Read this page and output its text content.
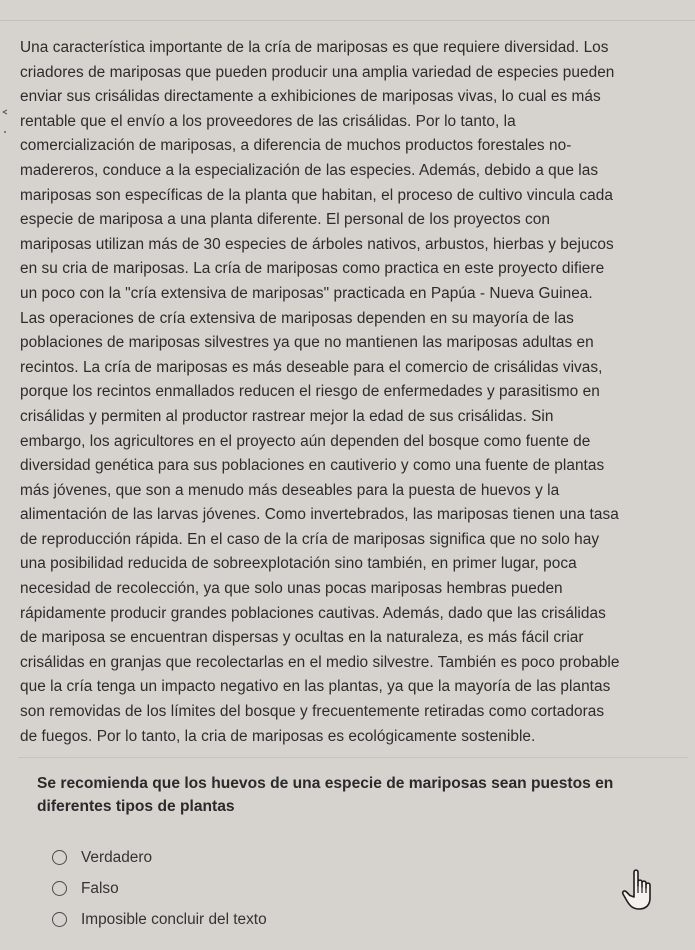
Una característica importante de la cría de mariposas es que requiere diversidad. Los

criadores de mariposas que pueden producir una amplia variedad de especies pueden

enviar sus crisálidas directamente a exhibiciones de mariposas vivas, lo cual es más

rentable que el envío a los proveedores de las crisálidas. Por lo tanto, la

comercialización de mariposas, a diferencia de muchos productos forestales no-

madereros, conduce a la especialización de las especies. Además, debido a que las

mariposas son específicas de la planta que habitan, el proceso de cultivo vincula cada

especie de mariposa a una planta diferente. El personal de los proyectos con

mariposas utilizan más de 30 especies de árboles nativos, arbustos, hierbas y bejucos

en su cria de mariposas. La cría de mariposas como practica en este proyecto difiere

un poco con la "cría extensiva de mariposas" practicada en Papúa - Nueva Guinea.

Las operaciones de cría extensiva de mariposas dependen en su mayoría de las

poblaciones de mariposas silvestres ya que no mantienen las mariposas adultas en

recintos. La cría de mariposas es más deseable para el comercio de crisálidas vivas,

porque los recintos enmallados reducen el riesgo de enfermedades y parasitismo en

crisálidas y permiten al productor rastrear mejor la edad de sus crisálidas. Sin

embargo, los agricultores en el proyecto aún dependen del bosque como fuente de

diversidad genética para sus poblaciones en cautiverio y como una fuente de plantas

más jóvenes, que son a menudo más deseables para la puesta de huevos y la

alimentación de las larvas jóvenes. Como invertebrados, las mariposas tienen una tasa

de reproducción rápida. En el caso de la cría de mariposas significa que no solo hay

una posibilidad reducida de sobreexplotación sino también, en primer lugar, poca

necesidad de recolección, ya que solo unas pocas mariposas hembras pueden

rápidamente producir grandes poblaciones cautivas. Además, dado que las crisálidas

de mariposa se encuentran dispersas y ocultas en la naturaleza, es más fácil criar

crisálidas en granjas que recolectarlas en el medio silvestre. También es poco probable

que la cría tenga un impacto negativo en las plantas, ya que la mayoría de las plantas

son removidas de los límites del bosque y frecuentemente retiradas como cortadoras

de fuegos. Por lo tanto, la cria de mariposas es ecológicamente sostenible.

Se recomienda que los huevos de una especie de mariposas sean puestos en
diferentes tipos de plantas
Verdadero
Falso
Imposible concluir del texto
